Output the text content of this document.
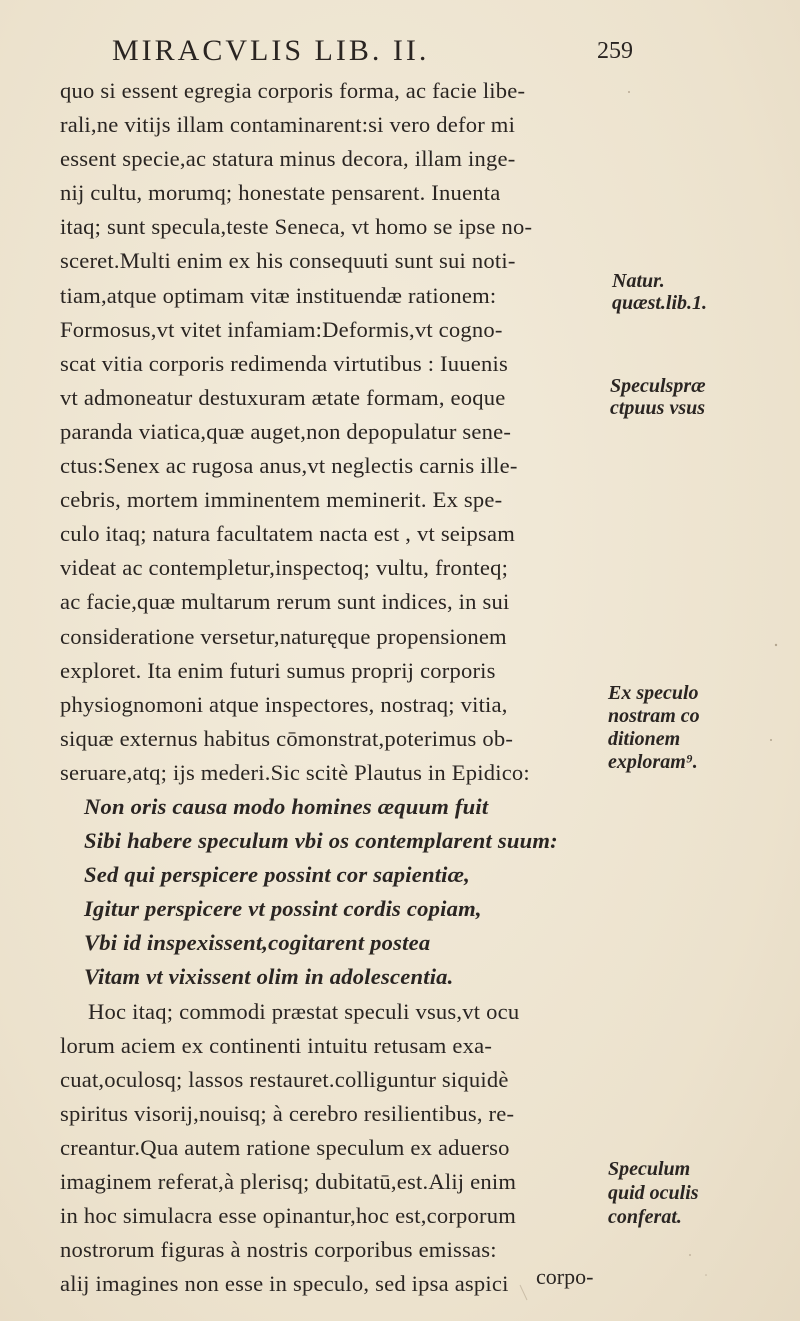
MIRACVLIS LIB. II.	259
quo si essent egregia corporis forma, ac facie libe-
rali,ne vitijs illam contaminarent:si vero defor mi
essent specie,ac statura minus decora, illam inge-
nij cultu, morumq; honestate pensarent. Inuenta
itaq; sunt specula,teste Seneca, vt homo se ipse no-
sceret.Multi enim ex his consequuti sunt sui noti-
tiam,atque optimam vitæ instituendæ rationem:
Formosus,vt vitet infamiam:Deformis,vt cogno-
scat vitia corporis redimenda virtutibus : Iuuenis
vt admoneatur destuxuram ætate formam, eoque
paranda viatica,quæ auget,non depopulatur senе-
ctus:Senex ac rugosa anus,vt neglectis carnis ille-
cebris, mortem imminentem meminerit. Ex spe-
culo itaq; natura facultatem nacta est , vt seipsam
videat ac contempletur,inspectoq; vultu, fronteq;
ac facie,quæ multarum rerum sunt indices, in sui
consideratione versetur,naturęque propensionem
exploret. Ita enim futuri sumus proprij corporis
physiognomoni atque inspectores, nostraq; vitia,
siquæ externus habitus cōmonstrat,poterimus ob-
seruare,atq; ijs mederi.Sic scitè Plautus in Epidico:
Non oris causa modo homines æquum fuit
Sibi habere speculum vbi os contemplarent suum:
Sed qui perspicere possint cor sapientiæ,
Igitur perspicere vt possint cordis copiam,
Vbi id inspexissent,cogitarent postea
Vitam vt vixissent olim in adolescentia.
Hoc itaq; commodi præstat speculi vsus,vt ocu
lorum aciem ex continenti intuitu retusam exa-
cuat,oculosq; lassos restauret.colliguntur siquidè
spiritus visorij,nouisq; à cerebro resilientibus, re-
creantur.Qua autem ratione speculum ex aduerso
imaginem referat,à plerisq; dubitatū,est.Alij enim
in hoc simulacra esse opinantur,hoc est,corporum
nostrorum figuras à nostris corporibus emissas:
alij imagines non esse in speculo, sed ipsa aspici
Natur.
quæst.lib.1.
Speculspræ
ctpuus vsus
Ex speculo
nostram co
ditionem
exploram⁹.
Speculum
quid oculis
conferat.
corpo-
